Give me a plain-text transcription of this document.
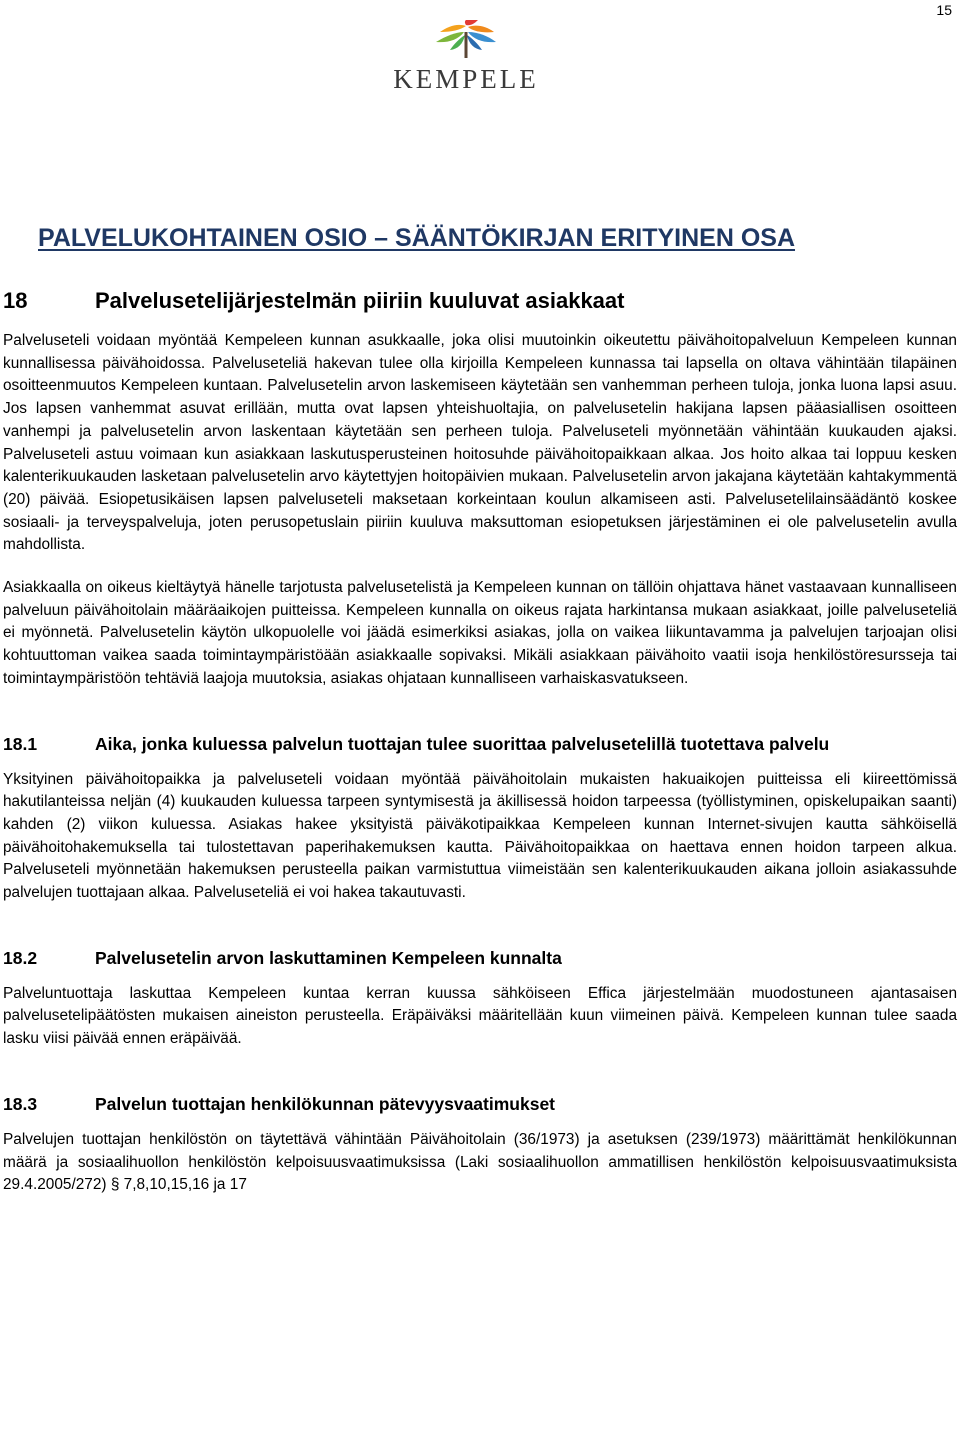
15
KEMPELE
PALVELUKOHTAINEN OSIO – SÄÄNTÖKIRJAN ERITYINEN OSA
18	Palvelusetelijärjestelmän piiriin kuuluvat asiakkaat

Palveluseteli voidaan myöntää Kempeleen kunnan asukkaalle, joka olisi muutoinkin oikeutettu päivähoitopalveluun Kempeleen kunnan kunnallisessa päivähoidossa. Palveluseteliä hakevan tulee olla kirjoilla Kempeleen kunnassa tai lapsella on oltava vähintään tilapäinen osoitteenmuutos Kempeleen kuntaan. Palvelusetelin arvon laskemiseen käytetään sen vanhemman perheen tuloja, jonka luona lapsi asuu. Jos lapsen vanhemmat asuvat erillään, mutta ovat lapsen yhteishuoltajia, on palvelusetelin hakijana lapsen pääasiallisen osoitteen vanhempi ja palvelusetelin arvon laskentaan käytetään sen perheen tuloja. Palveluseteli myönnetään vähintään kuukauden ajaksi. Palveluseteli astuu voimaan kun asiakkaan laskutusperusteinen hoitosuhde päivähoitopaikkaan alkaa. Jos hoito alkaa tai loppuu kesken kalenterikuukauden lasketaan palvelusetelin arvo käytettyjen hoitopäivien mukaan. Palvelusetelin arvon jakajana käytetään kahtakymmentä (20) päivää. Esiopetusikäisen lapsen palveluseteli maksetaan korkeintaan koulun alkamiseen asti. Palvelusetelilainsäädäntö koskee sosiaali- ja terveyspalveluja, joten perusopetuslain piiriin kuuluva maksuttoman esiopetuksen järjestäminen ei ole palvelusetelin avulla mahdollista.

Asiakkaalla on oikeus kieltäytyä hänelle tarjotusta palvelusetelistä ja Kempeleen kunnan on tällöin ohjattava hänet vastaavaan kunnalliseen palveluun päivähoitolain määräaikojen puitteissa. Kempeleen kunnalla on oikeus rajata harkintansa mukaan asiakkaat, joille palveluseteliä ei myönnetä. Palvelusetelin käytön ulkopuolelle voi jäädä esimerkiksi asiakas, jolla on vaikea liikuntavamma ja palvelujen tarjoajan olisi kohtuuttoman vaikea saada toimintaympäristöään asiakkaalle sopivaksi. Mikäli asiakkaan päivähoito vaatii isoja henkilöstöresursseja tai toimintaympäristöön tehtäviä laajoja muutoksia, asiakas ohjataan kunnalliseen varhaiskasvatukseen.

18.1	Aika, jonka kuluessa palvelun tuottajan tulee suorittaa palvelusetelillä tuotettava palvelu

Yksityinen päivähoitopaikka ja palveluseteli voidaan myöntää päivähoitolain mukaisten hakuaikojen puitteissa eli kiireettömissä hakutilanteissa neljän (4) kuukauden kuluessa tarpeen syntymisestä ja äkillisessä hoidon tarpeessa (työllistyminen, opiskelupaikan saanti) kahden (2) viikon kuluessa. Asiakas hakee yksityistä päiväkotipaikkaa Kempeleen kunnan Internet-sivujen kautta sähköisellä päivähoitohakemuksella tai tulostettavan paperihakemuksen kautta. Päivähoitopaikkaa on haettava ennen hoidon tarpeen alkua. Palveluseteli myönnetään hakemuksen perusteella paikan varmistuttua viimeistään sen kalenterikuukauden aikana jolloin asiakassuhde palvelujen tuottajaan alkaa. Palveluseteliä ei voi hakea takautuvasti.

18.2	Palvelusetelin arvon laskuttaminen Kempeleen kunnalta

Palveluntuottaja laskuttaa Kempeleen kuntaa kerran kuussa sähköiseen Effica järjestelmään muodostuneen ajantasaisen palvelusetelipäätösten mukaisen aineiston perusteella. Eräpäiväksi määritellään kuun viimeinen päivä. Kempeleen kunnan tulee saada lasku viisi päivää ennen eräpäivää.

18.3	Palvelun tuottajan henkilökunnan pätevyysvaatimukset

Palvelujen tuottajan henkilöstön on täytettävä vähintään Päivähoitolain (36/1973) ja asetuksen (239/1973) määrittämät henkilökunnan määrä ja sosiaalihuollon henkilöstön kelpoisuusvaatimuksissa (Laki sosiaalihuollon ammatillisen henkilöstön kelpoisuusvaatimuksista 29.4.2005/272) § 7,8,10,15,16 ja 17
